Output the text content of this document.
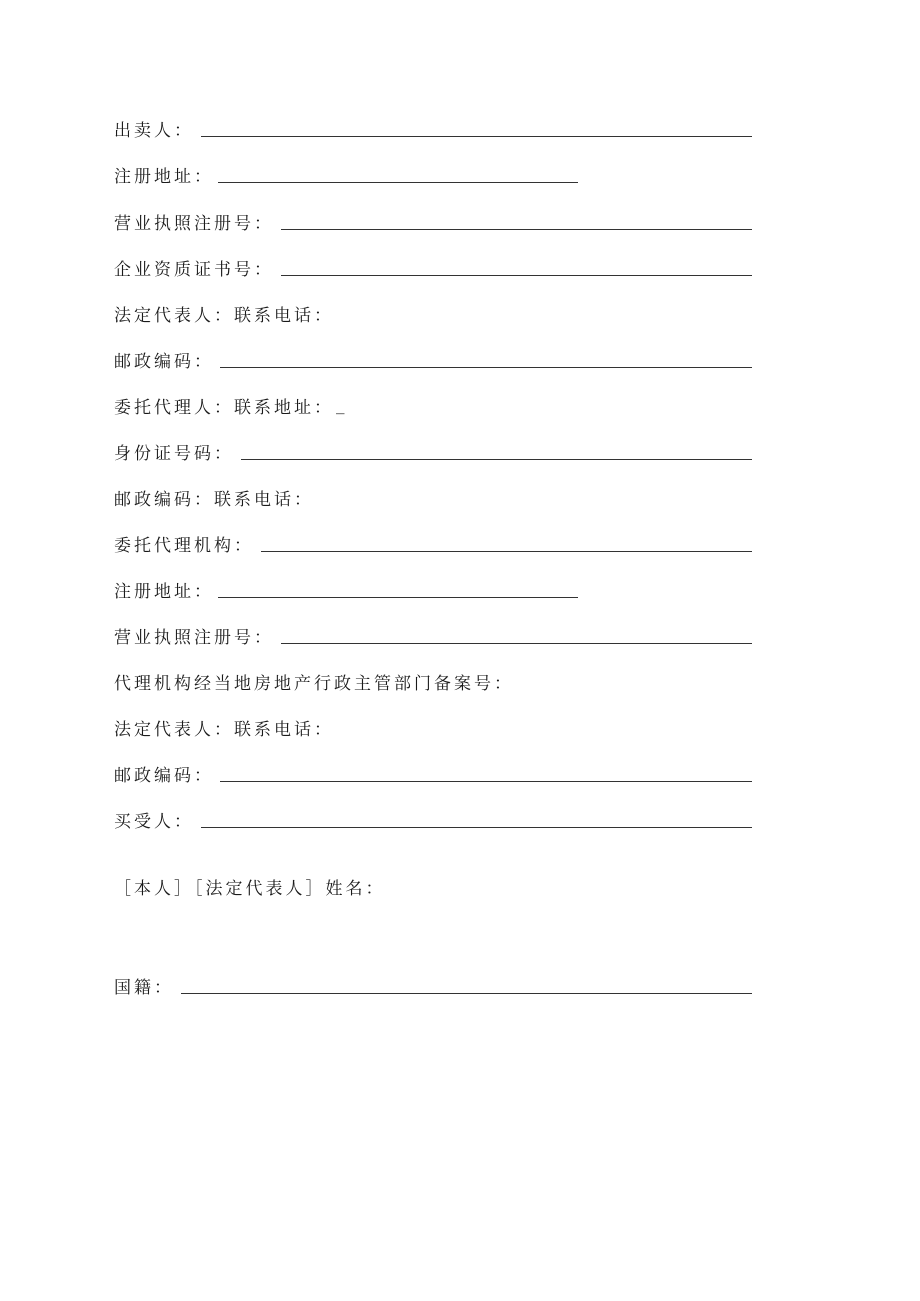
出卖人：
注册地址：
营业执照注册号：
企业资质证书号：
法定代表人：联系电话：
邮政编码：
委托代理人：联系地址： _
身份证号码：
邮政编码：联系电话：
委托代理机构：
注册地址：
营业执照注册号：
代理机构经当地房地产行政主管部门备案号：
法定代表人：联系电话：
邮政编码：
买受人：
［本人］［法定代表人］姓名：
国籍：
